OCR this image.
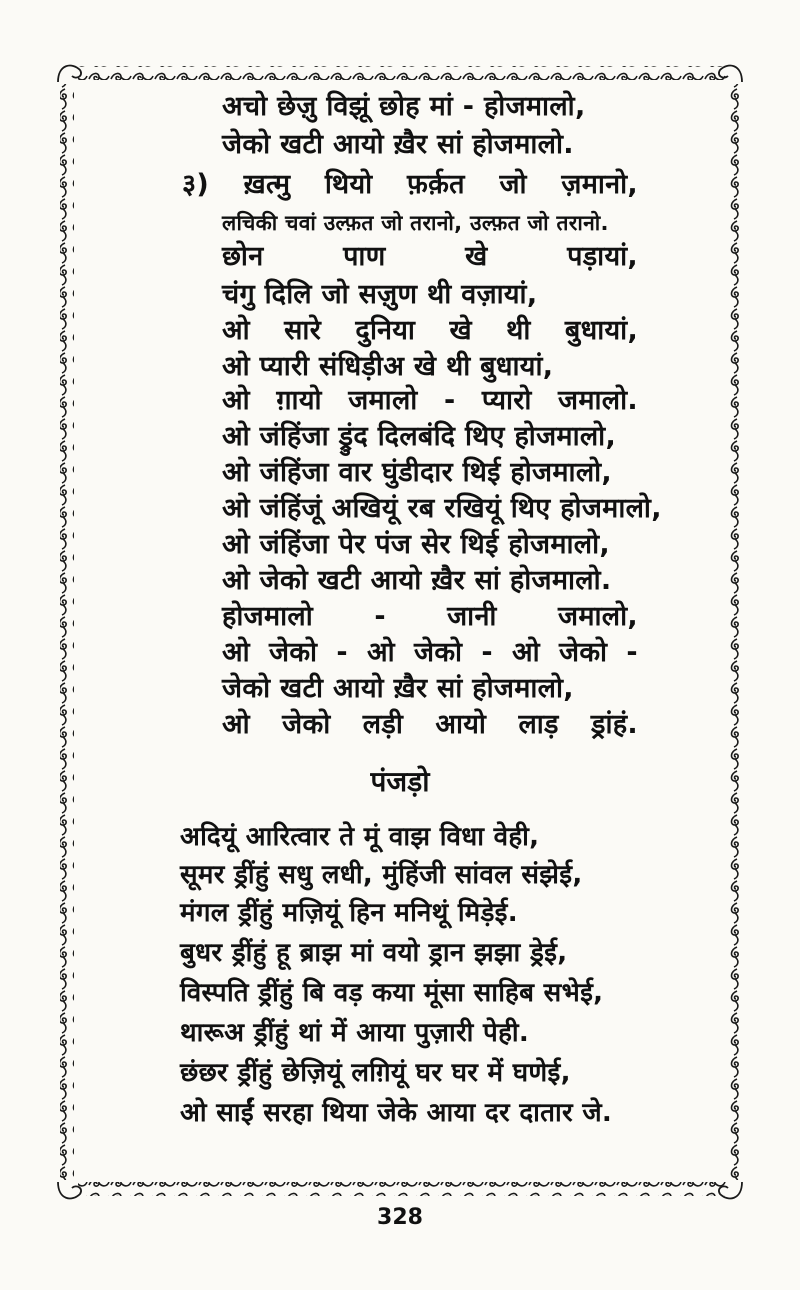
अचो छेज़ु विझूं छोह मां - होजमालो,
जेको खटी आयो ख़ैर सां होजमालो.
३) ख़त्मु थियो फ़र्क़त जो ज़मानो,
लचिकी चवां उल्फ़त जो तरानो, उल्फ़त जो तरानो.
छोन	पाण	खे	पड़ायां,
चंगु दिलि जो सज़ुण थी वज़ायां,
ओ सारे दुनिया खे थी बुधायां,
ओ प्यारी संधिड़ीअ खे थी बुधायां,
ओ ग़ायो जमालो - प्यारो जमालो.
ओ जंहिंजा ड्रुंद दिलबंदि थिए होजमालो,
ओ जंहिंजा वार घुंडीदार थिई होजमालो,
ओ जंहिंजूं अखियूं रब रखियूं थिए होजमालो,
ओ जंहिंजा पेर पंज सेर थिई होजमालो,
ओ जेको खटी आयो ख़ैर सां होजमालो.
होजमालो - जानी जमालो,
ओ जेको - ओ जेको - ओ जेको -
जेको खटी आयो ख़ैर सां होजमालो,
ओ जेको लड़ी आयो लाड़ ड्रांहं.
पंजड़ो
अदियूं आरित्वार ते मूं वाझ विधा वेही,
सूमर ड्रींहुं सधु लधी, मुंहिंजी सांवल संझेई,
मंगल ड्रींहुं मज़ियूं हिन मनिथूं मिड़ेई.
बुधर ड्रींहुं हू ब्राझ मां वयो ड्रान झझा ड्रेई,
विस्पति ड्रींहुं बि वड़ कया मूंसा साहिब सभेई,
थारूअ ड्रींहुं थां में आया पुज़ारी पेही.
छंछर ड्रींहुं छेज़ियूं लग़ियूं घर घर में घणेई,
ओ साईं सरहा थिया जेके आया दर दातार जे.
328
